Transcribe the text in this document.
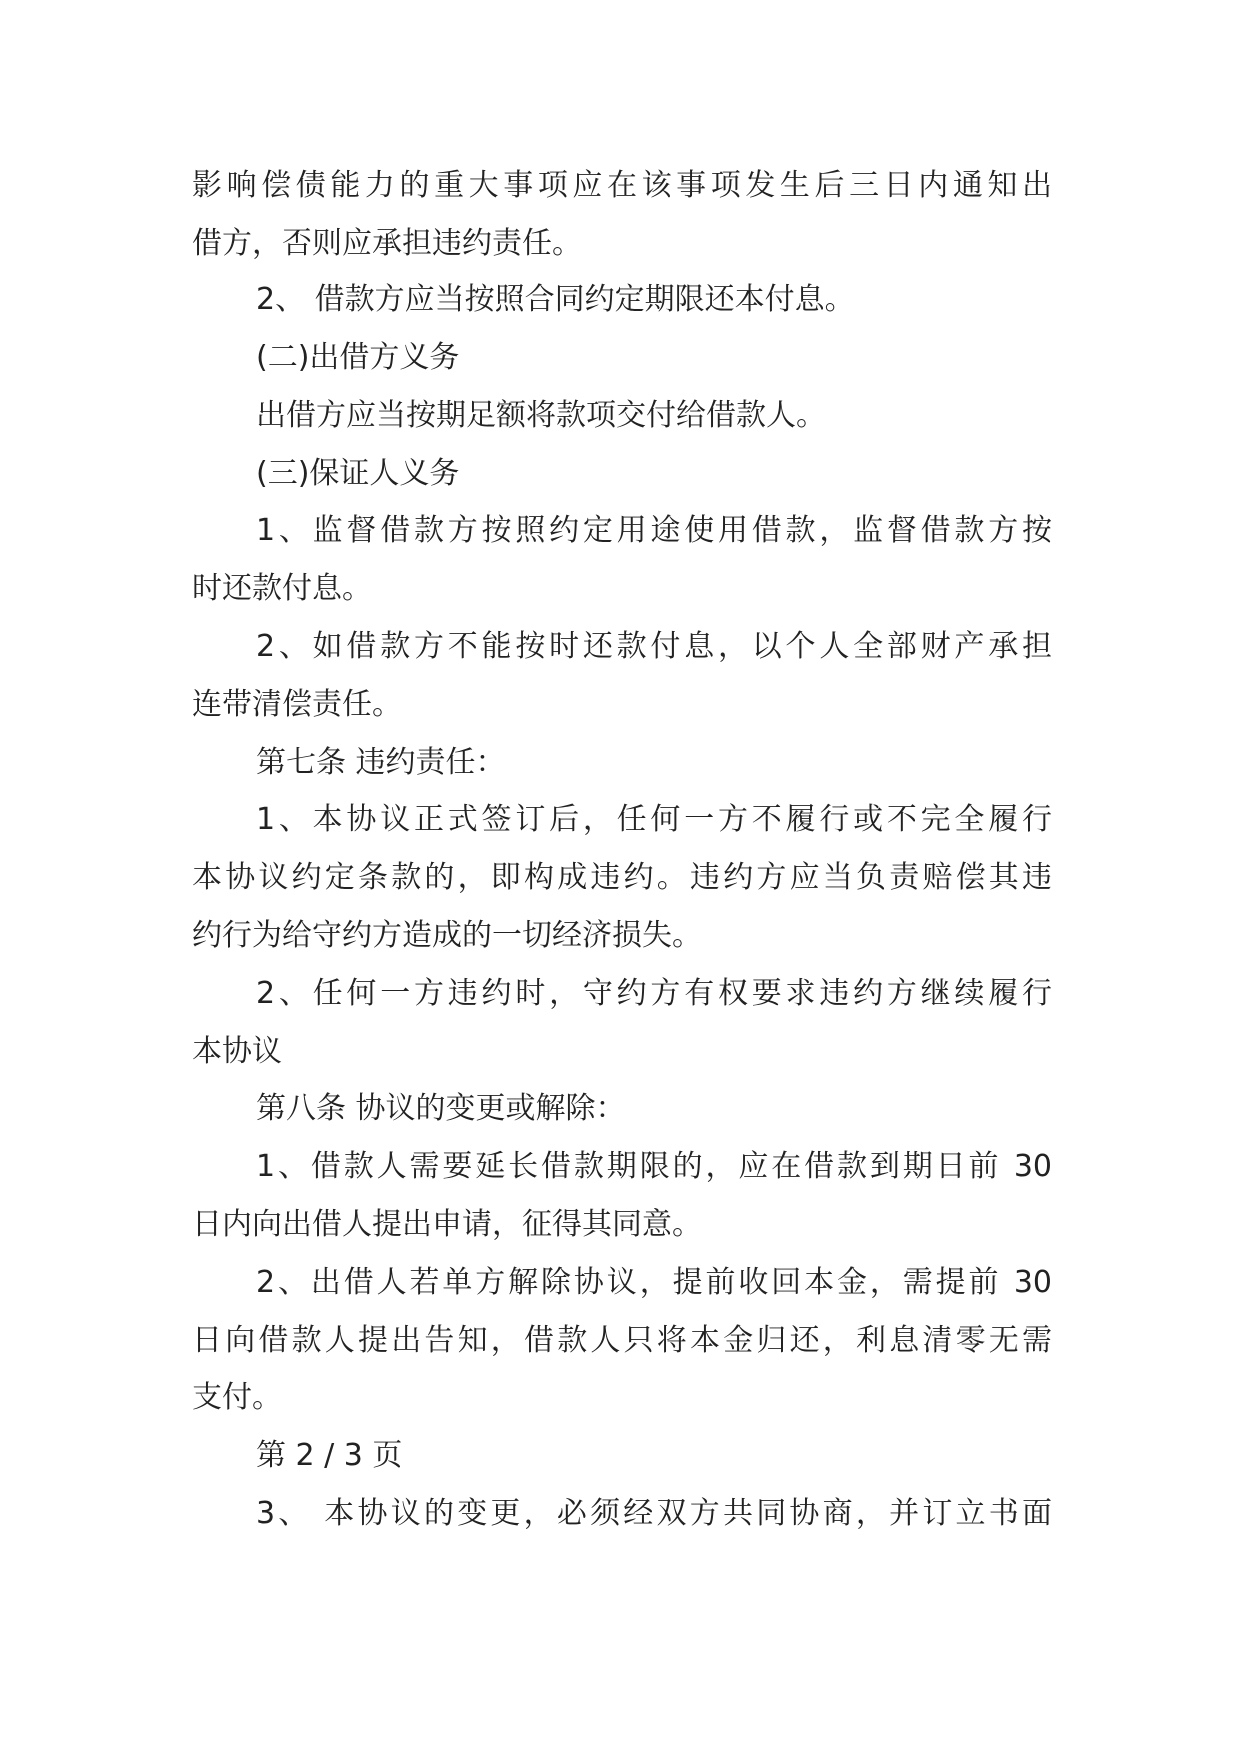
影响偿债能力的重大事项应在该事项发生后三日内通知出
借方，否则应承担违约责任。
2、 借款方应当按照合同约定期限还本付息。
(二)出借方义务
出借方应当按期足额将款项交付给借款人。
(三)保证人义务
1、监督借款方按照约定用途使用借款，监督借款方按
时还款付息。
2、如借款方不能按时还款付息，以个人全部财产承担
连带清偿责任。
第七条 违约责任：
1、本协议正式签订后，任何一方不履行或不完全履行
本协议约定条款的，即构成违约。违约方应当负责赔偿其违
约行为给守约方造成的一切经济损失。
2、任何一方违约时，守约方有权要求违约方继续履行
本协议
第八条 协议的变更或解除：
1、借款人需要延长借款期限的，应在借款到期日前 30
日内向出借人提出申请，征得其同意。
2、出借人若单方解除协议，提前收回本金，需提前 30
日向借款人提出告知，借款人只将本金归还，利息清零无需
支付。
第 2 / 3 页
3、 本协议的变更，必须经双方共同协商，并订立书面
